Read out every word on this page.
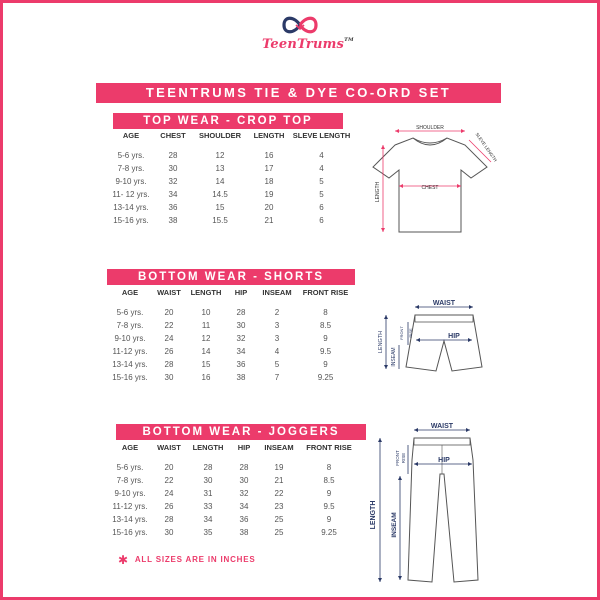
TeenTrums™
TEENTRUMS TIE & DYE CO-ORD SET
TOP WEAR - CROP TOP
AGE	CHEST	SHOULDER	LENGTH	SLEVE LENGTH

5-6 yrs.	28	12	16	4
7-8 yrs.	30	13	17	4
9-10 yrs.	32	14	18	5
11- 12 yrs.	34	14.5	19	5
13-14 yrs.	36	15	20	6
15-16 yrs.	38	15.5	21	6
SHOULDER
CHEST
LENGTH
SLEVE LENGTH
BOTTOM WEAR - SHORTS
AGE	WAIST	LENGTH	HIP	INSEAM	FRONT RISE

5-6 yrs.	20	10	28	2	8
7-8 yrs.	22	11	30	3	8.5
9-10 yrs.	24	12	32	3	9
11-12 yrs.	26	14	34	4	9.5
13-14 yrs.	28	15	36	5	9
15-16 yrs.	30	16	38	7	9.25
WAIST
HIP
LENGTH
INSEAM
FRONT RISE
BOTTOM WEAR - JOGGERS
AGE	WAIST	LENGTH	HIP	INSEAM	FRONT RISE

5-6 yrs.	20	28	28	19	8
7-8 yrs.	22	30	30	21	8.5
9-10 yrs.	24	31	32	22	9
11-12 yrs.	26	33	34	23	9.5
13-14 yrs.	28	34	36	25	9
15-16 yrs.	30	35	38	25	9.25
WAIST
HIP
LENGTH INSEAM
FRONT RISE
✱ ALL SIZES ARE IN INCHES
